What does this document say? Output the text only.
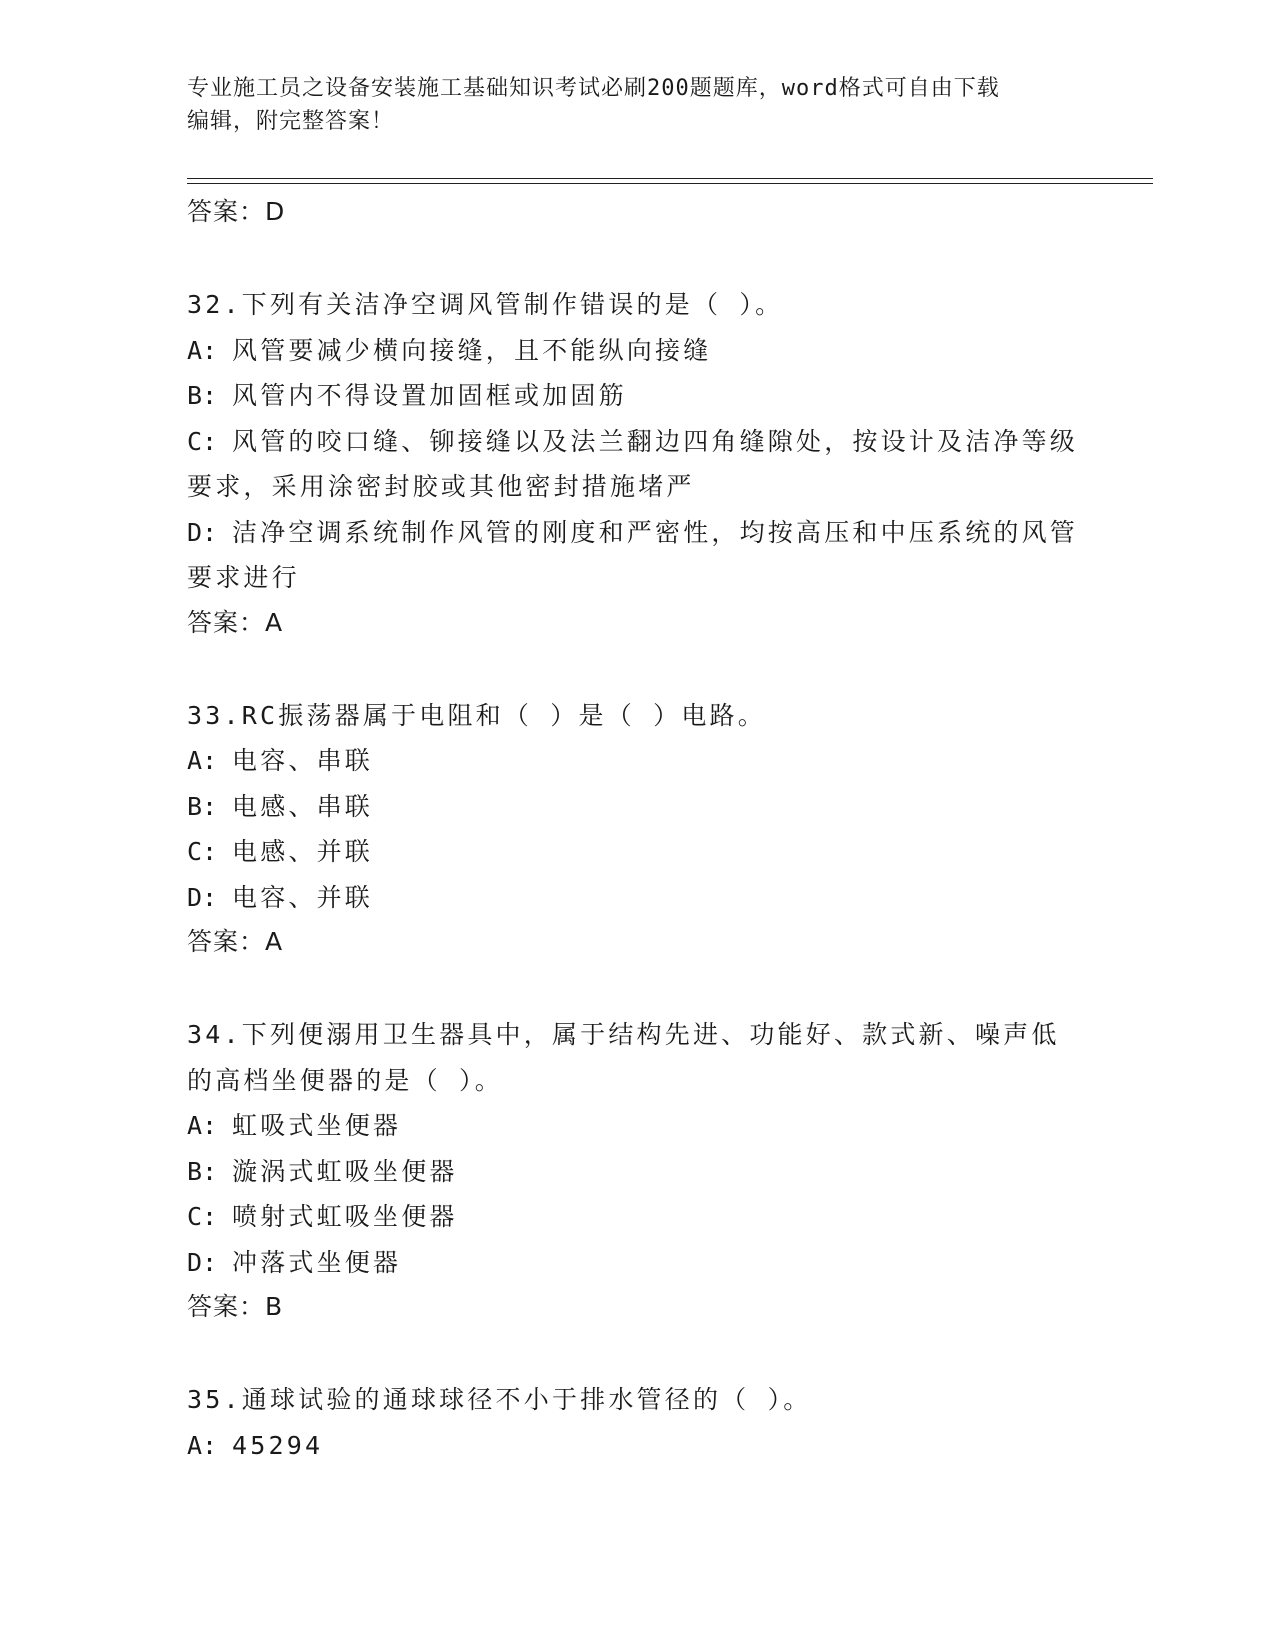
专业施工员之设备安装施工基础知识考试必刷200题题库，word格式可自由下载
编辑，附完整答案！
答案：D
32.下列有关洁净空调风管制作错误的是（ ）。
A: 风管要减少横向接缝，且不能纵向接缝
B: 风管内不得设置加固框或加固筋
C: 风管的咬口缝、铆接缝以及法兰翻边四角缝隙处，按设计及洁净等级要求，采用涂密封胶或其他密封措施堵严
D: 洁净空调系统制作风管的刚度和严密性，均按高压和中压系统的风管要求进行
答案：A
33.RC振荡器属于电阻和（ ）是（ ）电路。
A: 电容、串联
B: 电感、串联
C: 电感、并联
D: 电容、并联
答案：A
34.下列便溺用卫生器具中，属于结构先进、功能好、款式新、噪声低的高档坐便器的是（ ）。
A: 虹吸式坐便器
B: 漩涡式虹吸坐便器
C: 喷射式虹吸坐便器
D: 冲落式坐便器
答案：B
35.通球试验的通球球径不小于排水管径的（ ）。
A: 45294
